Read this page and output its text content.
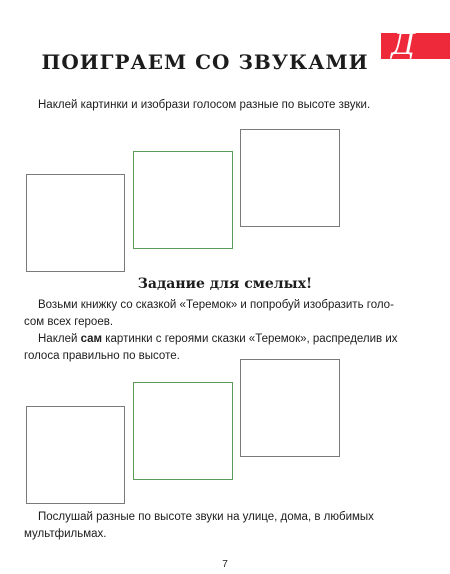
Д
ПОИГРАЕМ СО ЗВУКАМИ
Наклей картинки и изобрази голосом разные по высоте звуки.
Задание для смелых!
Возьми книжку со сказкой «Теремок» и попробуй изобразить голо-
сом всех героев.
Наклей сам картинки с героями сказки «Теремок», распределив их
голоса правильно по высоте.
Послушай разные по высоте звуки на улице, дома, в любимых
мультфильмах.
7
